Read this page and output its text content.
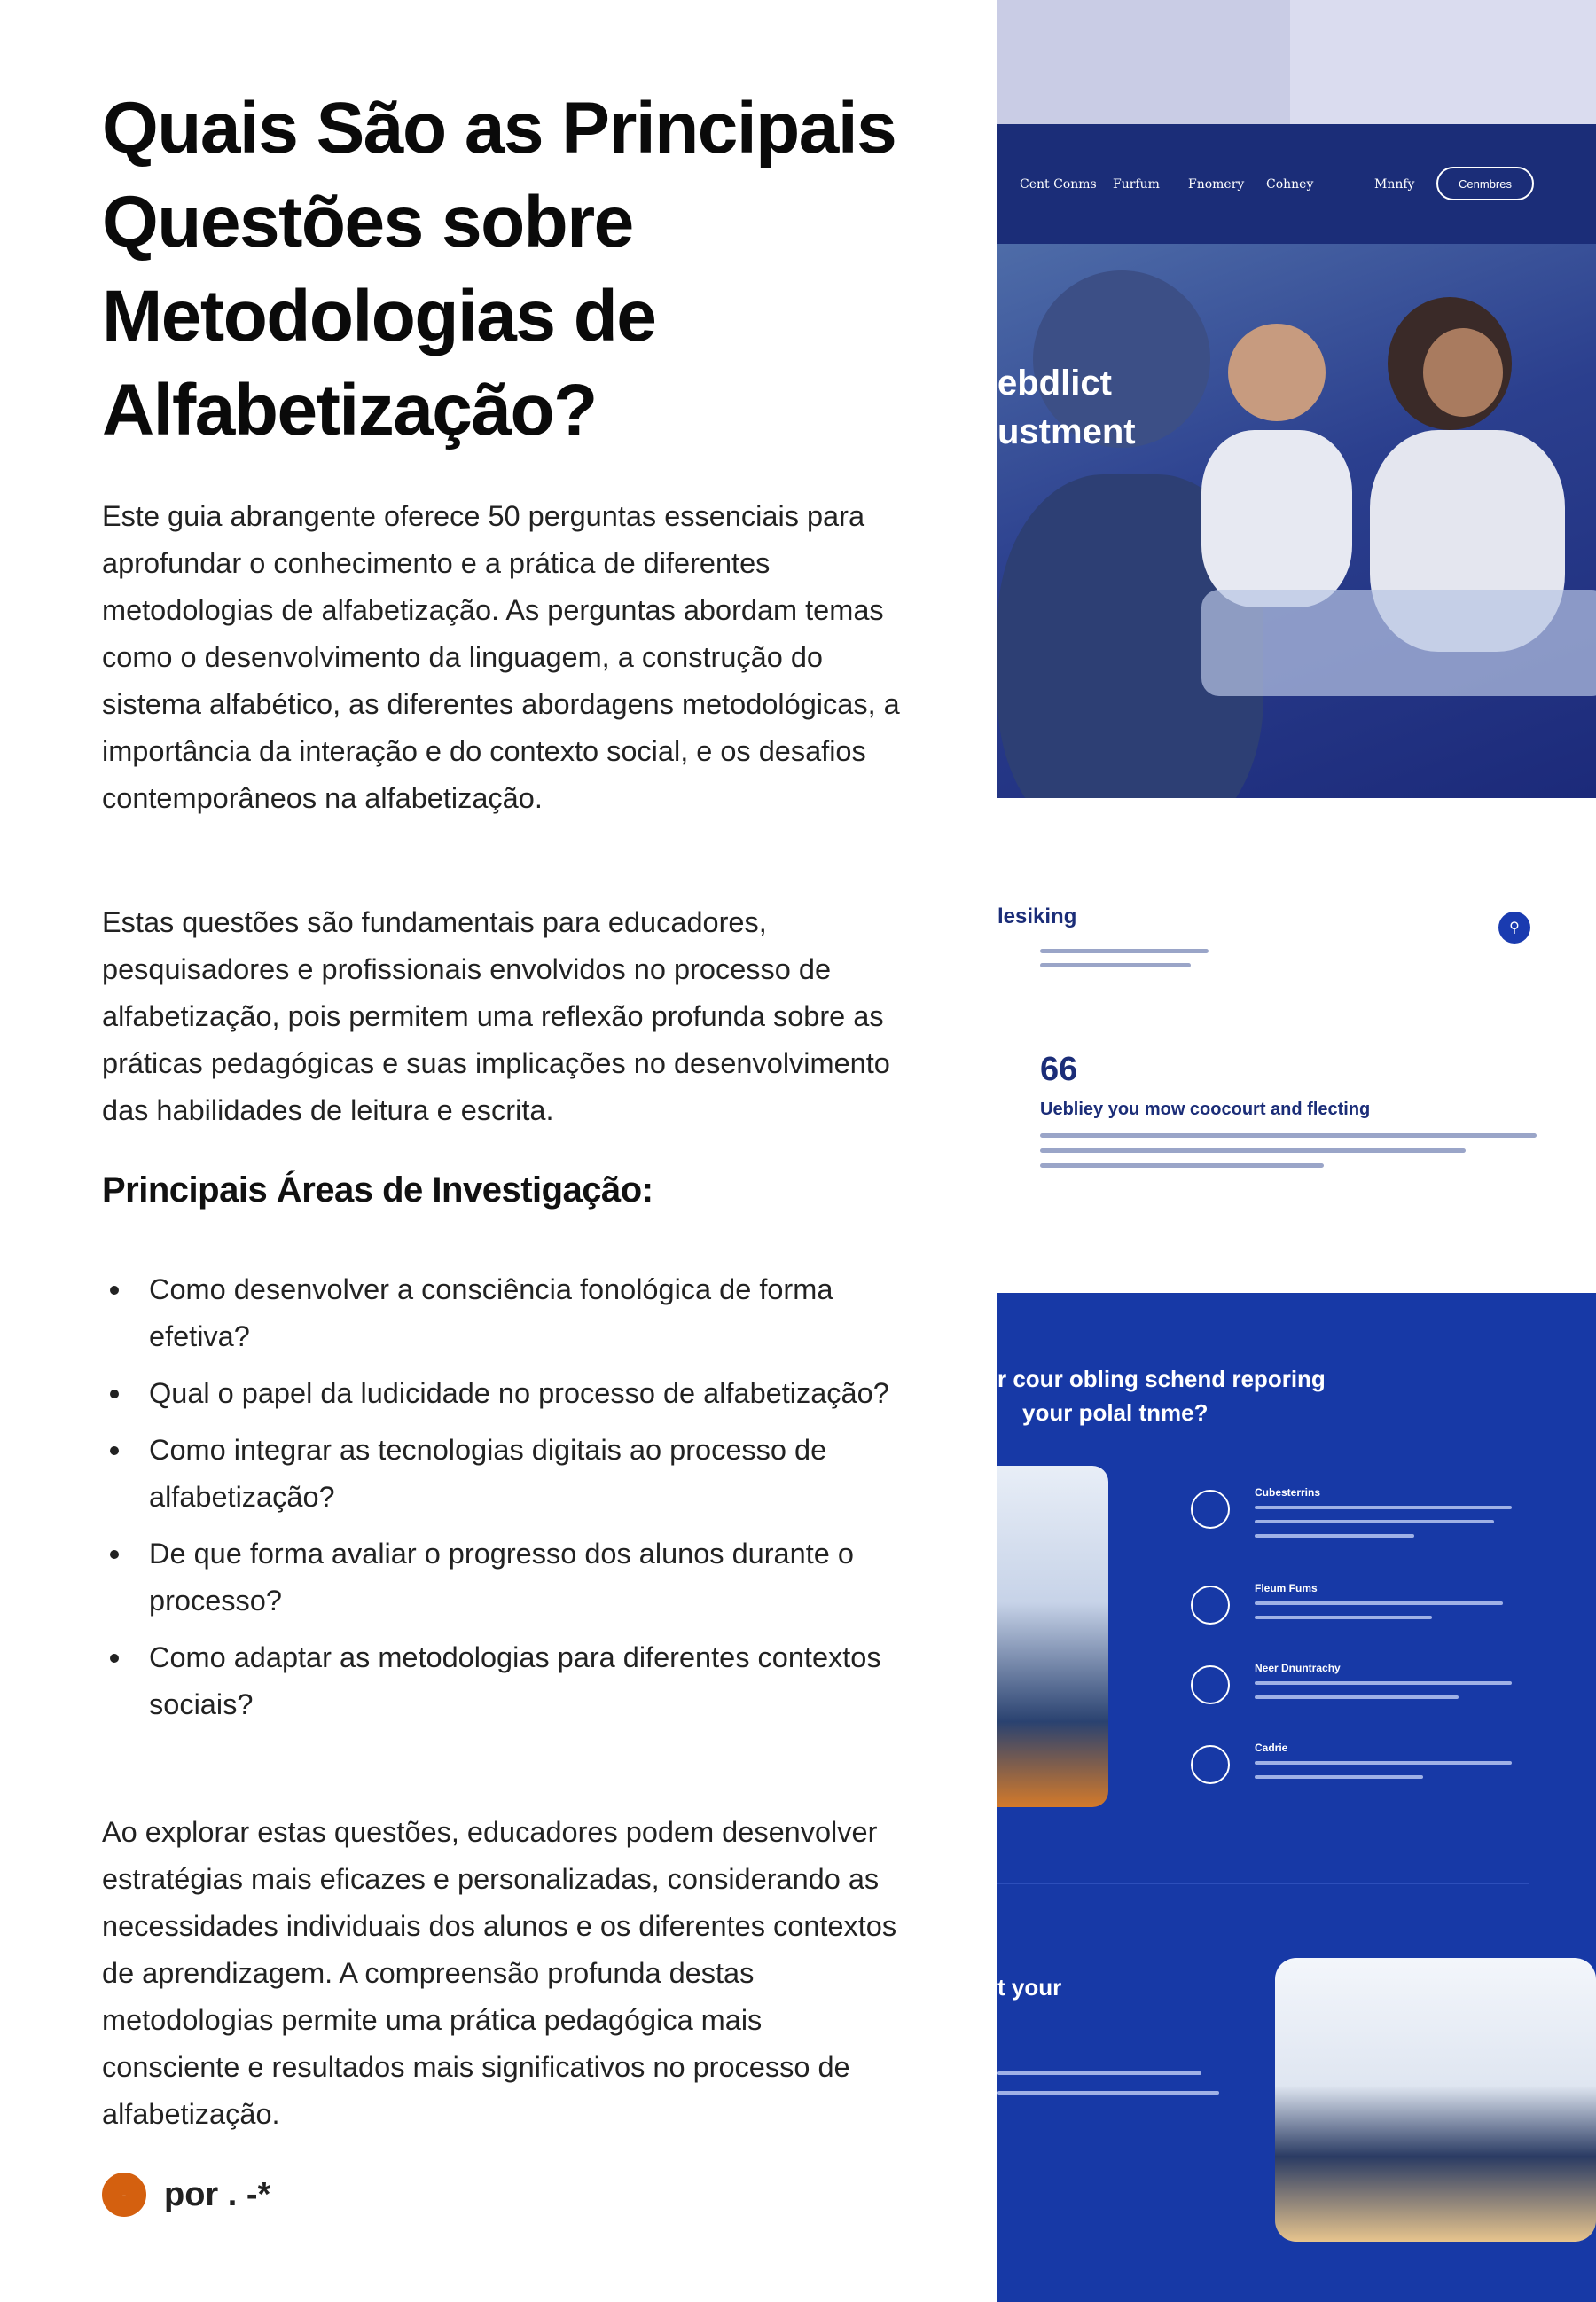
Quais São as Principais Questões sobre Metodologias de Alfabetização?

Este guia abrangente oferece 50 perguntas essenciais para aprofundar o conhecimento e a prática de diferentes metodologias de alfabetização. As perguntas abordam temas como o desenvolvimento da linguagem, a construção do sistema alfabético, as diferentes abordagens metodológicas, a importância da interação e do contexto social, e os desafios contemporâneos na alfabetização.

Estas questões são fundamentais para educadores, pesquisadores e profissionais envolvidos no processo de alfabetização, pois permitem uma reflexão profunda sobre as práticas pedagógicas e suas implicações no desenvolvimento das habilidades de leitura e escrita.

Principais Áreas de Investigação:
Como desenvolver a consciência fonológica de forma efetiva?
Qual o papel da ludicidade no processo de alfabetização?
Como integrar as tecnologias digitais ao processo de alfabetização?
De que forma avaliar o progresso dos alunos durante o processo?
Como adaptar as metodologias para diferentes contextos sociais?

Ao explorar estas questões, educadores podem desenvolver estratégias mais eficazes e personalizadas, considerando as necessidades individuais dos alunos e os diferentes contextos de aprendizagem. A compreensão profunda destas metodologias permite uma prática pedagógica mais consciente e resultados mais significativos no processo de alfabetização.

-	por . -*
Cent Conms Furfum Fnomery Cohney	Mnnfy	Cenmbres
ebdlict
ustment
lesiking	⚲
66
Uebliey you mow coocourt and flecting
r cour obling schend reporing
your polal tnme?
Cubesterrins
Fleum Fums
Neer Dnuntrachy
Cadrie
t your
